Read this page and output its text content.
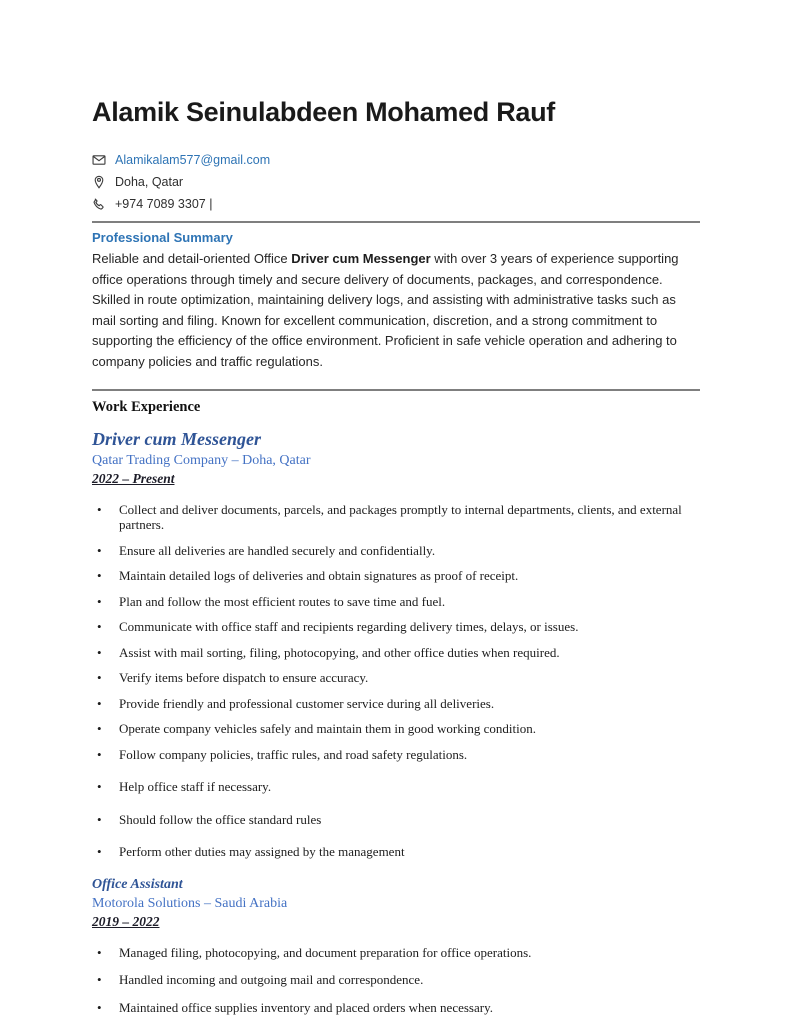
Alamik Seinulabdeen Mohamed Rauf
Alamikalam577@gmail.com
Doha, Qatar
+974 7089 3307 |
Professional Summary

Reliable and detail-oriented Office Driver cum Messenger with over 3 years of experience supporting office operations through timely and secure delivery of documents, packages, and correspondence. Skilled in route optimization, maintaining delivery logs, and assisting with administrative tasks such as mail sorting and filing. Known for excellent communication, discretion, and a strong commitment to supporting the efficiency of the office environment. Proficient in safe vehicle operation and adhering to company policies and traffic regulations.

Work Experience
Driver cum Messenger
Qatar Trading Company – Doha, Qatar
2022 – Present
• Collect and deliver documents, parcels, and packages promptly to internal departments, clients, and external partners.
• Ensure all deliveries are handled securely and confidentially.
• Maintain detailed logs of deliveries and obtain signatures as proof of receipt.
• Plan and follow the most efficient routes to save time and fuel.
• Communicate with office staff and recipients regarding delivery times, delays, or issues.
• Assist with mail sorting, filing, photocopying, and other office duties when required.
• Verify items before dispatch to ensure accuracy.
• Provide friendly and professional customer service during all deliveries.
• Operate company vehicles safely and maintain them in good working condition.
• Follow company policies, traffic rules, and road safety regulations.
• Help office staff if necessary.
• Should follow the office standard rules
• Perform other duties may assigned by the management
Office Assistant
Motorola Solutions – Saudi Arabia
2019 – 2022
• Managed filing, photocopying, and document preparation for office operations.
• Handled incoming and outgoing mail and correspondence.
• Maintained office supplies inventory and placed orders when necessary.
